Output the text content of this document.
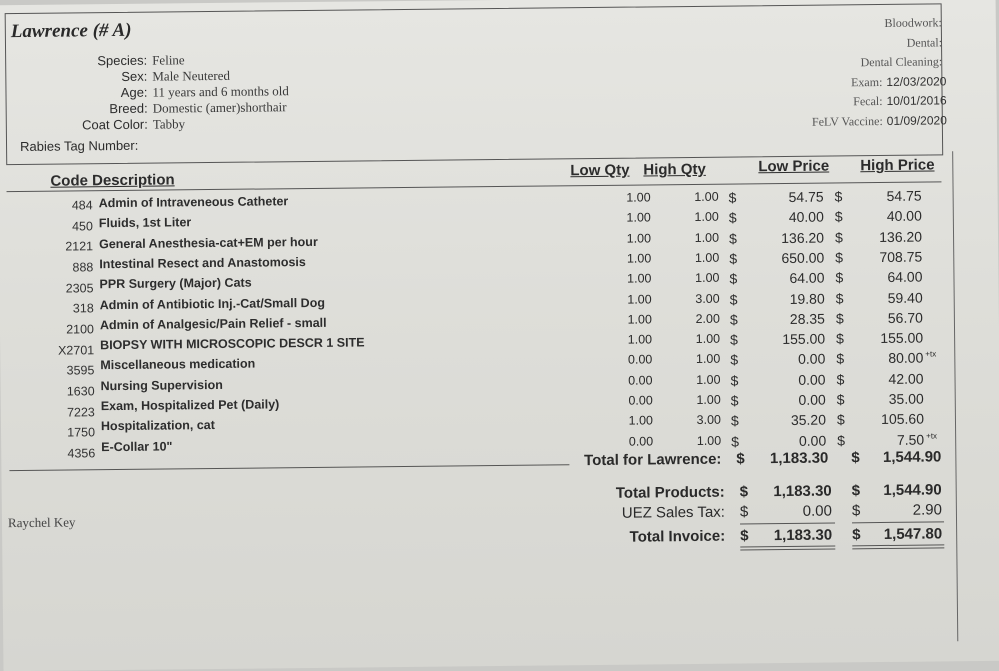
Lawrence (# A)
Species: Feline
Sex: Male Neutered
Age: 11 years and 6 months old
Breed: Domestic (amer)shorthair
Coat Color: Tabby
Rabies Tag Number:
Bloodwork:
Dental:
Dental Cleaning:
Exam: 12/03/2020
Fecal: 10/01/2016
FeLV Vaccine: 01/09/2020
Code Description
Low Qty High Qty	Low Price High Price
484 Admin of Intraveneous Catheter	1.00	1.00 $	54.75 $	54.75
450 Fluids, 1st Liter	1.00	1.00 $	40.00 $	40.00
2121 General Anesthesia-cat+EM per hour	1.00	1.00 $	136.20 $	136.20
888 Intestinal Resect and Anastomosis	1.00	1.00 $	650.00 $	708.75
2305 PPR Surgery (Major) Cats	1.00	1.00 $	64.00 $	64.00
318 Admin of Antibiotic Inj.-Cat/Small Dog	1.00	3.00 $	19.80 $	59.40
2100 Admin of Analgesic/Pain Relief - small	1.00	2.00 $	28.35 $	56.70
X2701 BIOPSY WITH MICROSCOPIC DESCR 1 SITE	1.00	1.00 $	155.00 $	155.00
3595 Miscellaneous medication	0.00	1.00 $	0.00 $	80.00 +tx
1630 Nursing Supervision	0.00	1.00 $	0.00 $	42.00
7223 Exam, Hospitalized Pet (Daily)	0.00	1.00 $	0.00 $	35.00
1750 Hospitalization, cat	1.00	3.00 $	35.20 $	105.60
4356 E-Collar 10"	0.00	1.00 $	0.00 $	7.50 +tx
Total for Lawrence: $	1,183.30 $	1,544.90
Total Products: $	1,183.30 $	1,544.90
UEZ Sales Tax: $	0.00 $	2.90
Total Invoice: $	1,183.30 $	1,547.80
Raychel Key
